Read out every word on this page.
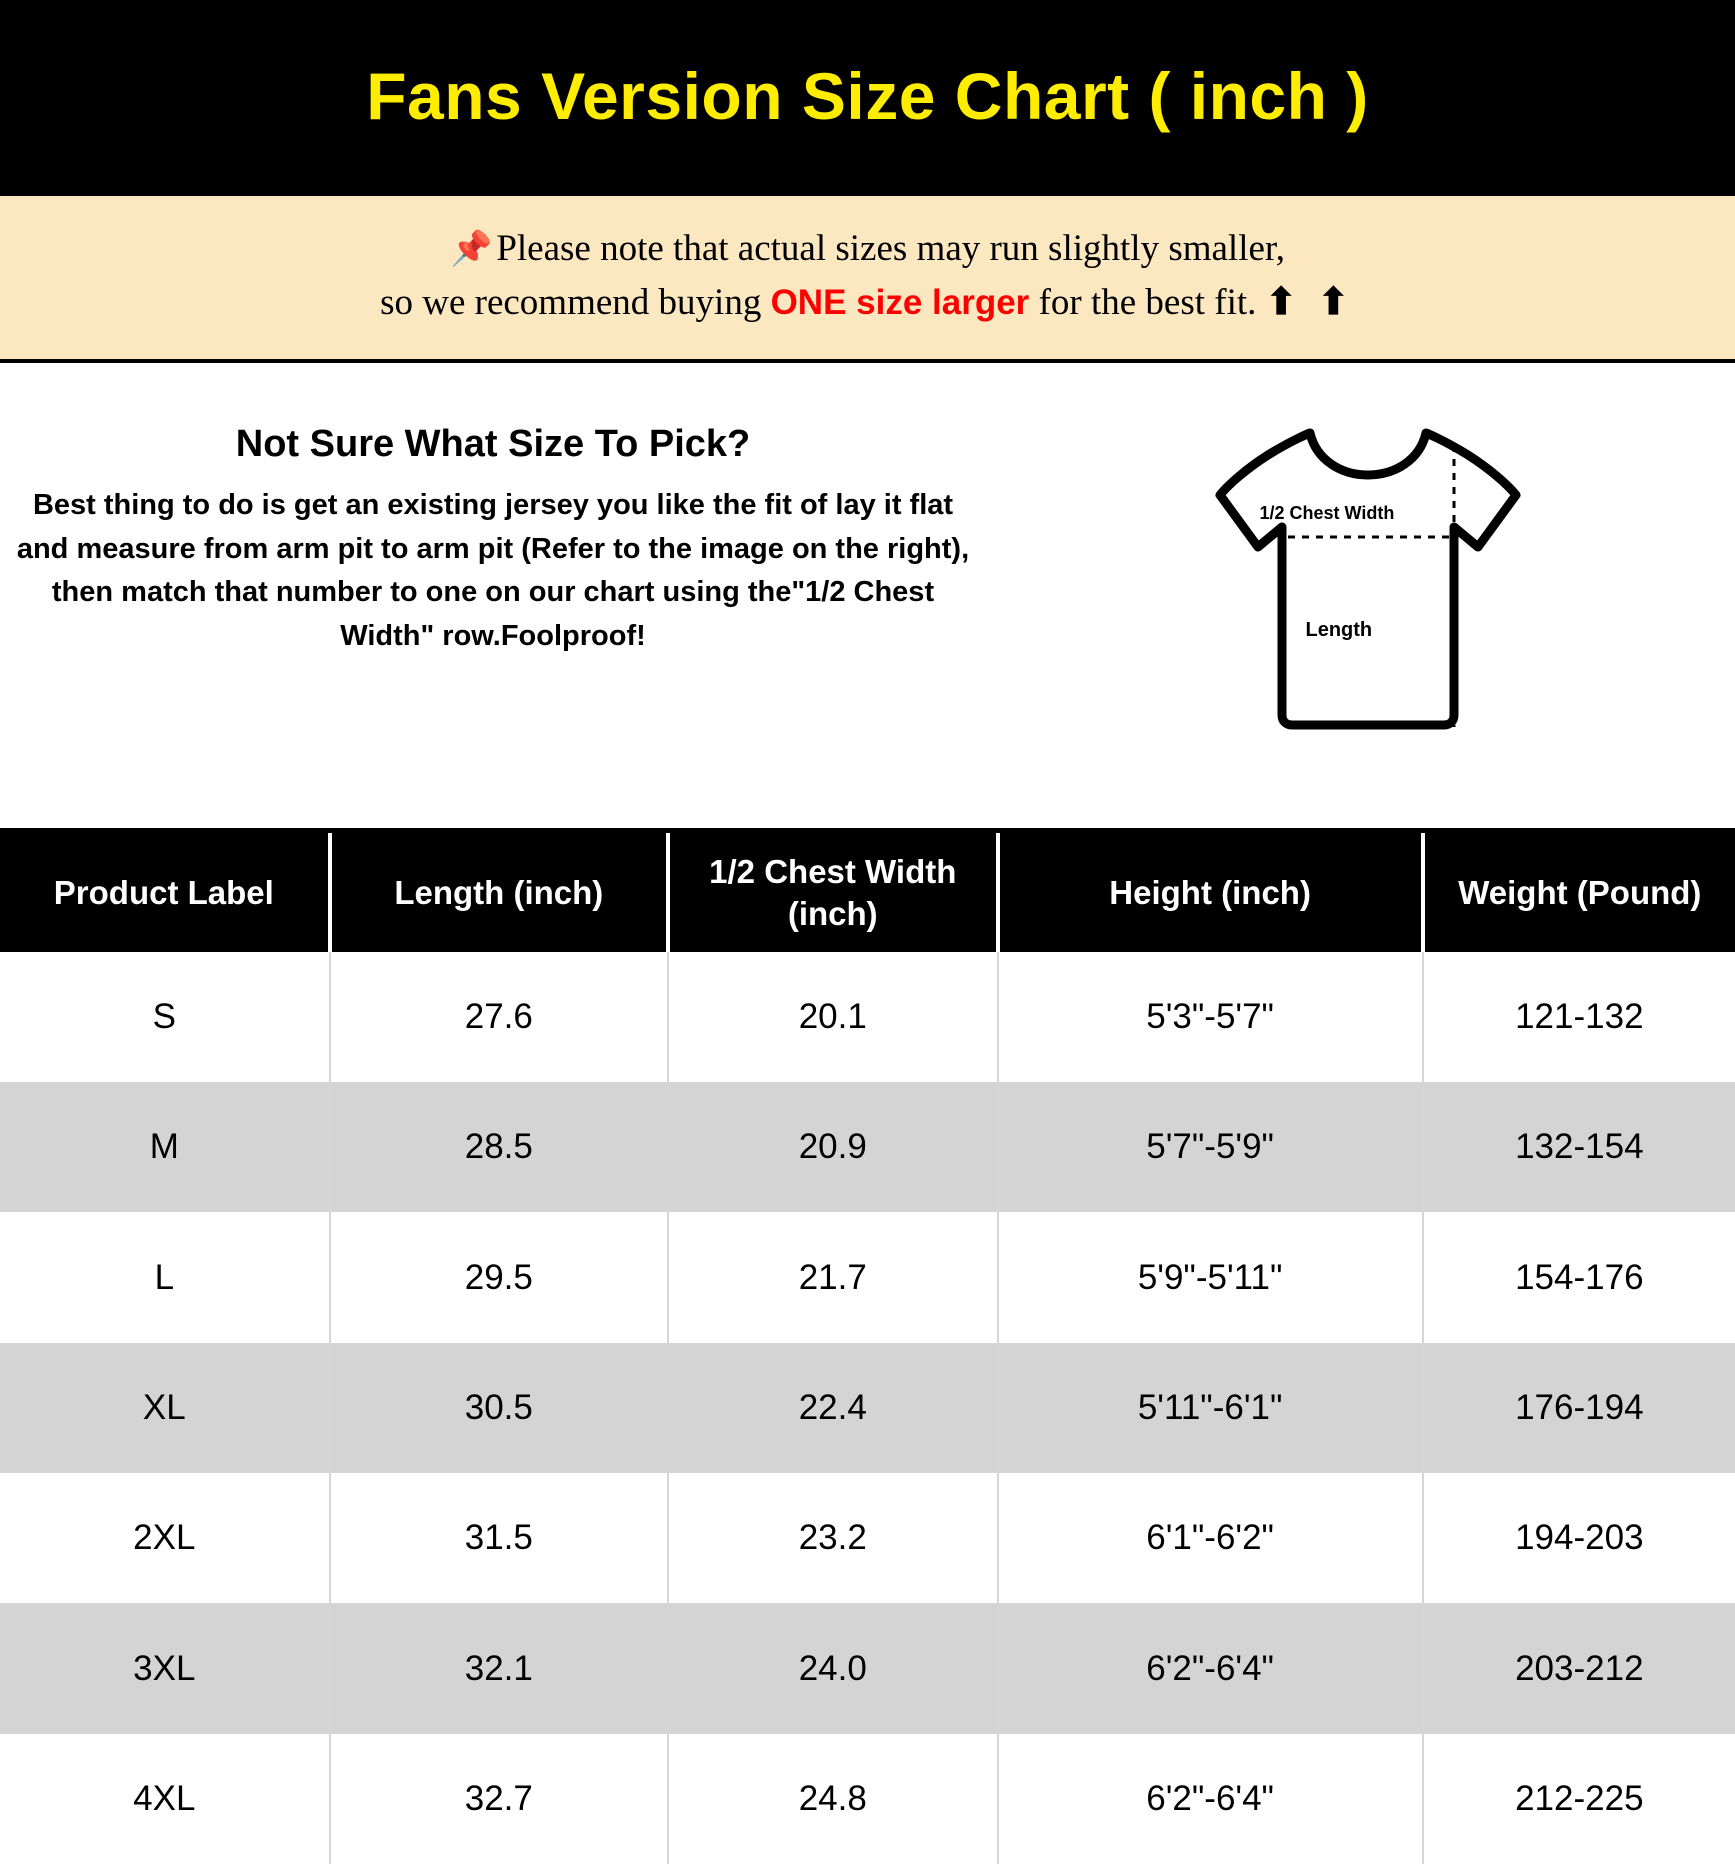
Fans Version Size Chart ( inch )
📌 Please note that actual sizes may run slightly smaller,
so we recommend buying ONE size larger for the best fit. ⬆ ⬆
Not Sure What Size To Pick?
Best thing to do is get an existing jersey you like the fit of lay it flat and measure from arm pit to arm pit (Refer to the image on the right), then match that number to one on our chart using the"1/2 Chest Width" row.Foolproof!
1/2 Chest Width
Length
Product Label	Length (inch)	1/2 Chest Width (inch)	Height (inch)	Weight (Pound)
S	27.6	20.1	5'3"-5'7"	121-132
M	28.5	20.9	5'7"-5'9"	132-154
L	29.5	21.7	5'9"-5'11"	154-176
XL	30.5	22.4	5'11"-6'1"	176-194
2XL	31.5	23.2	6'1"-6'2"	194-203
3XL	32.1	24.0	6'2"-6'4"	203-212
4XL	32.7	24.8	6'2"-6'4"	212-225
